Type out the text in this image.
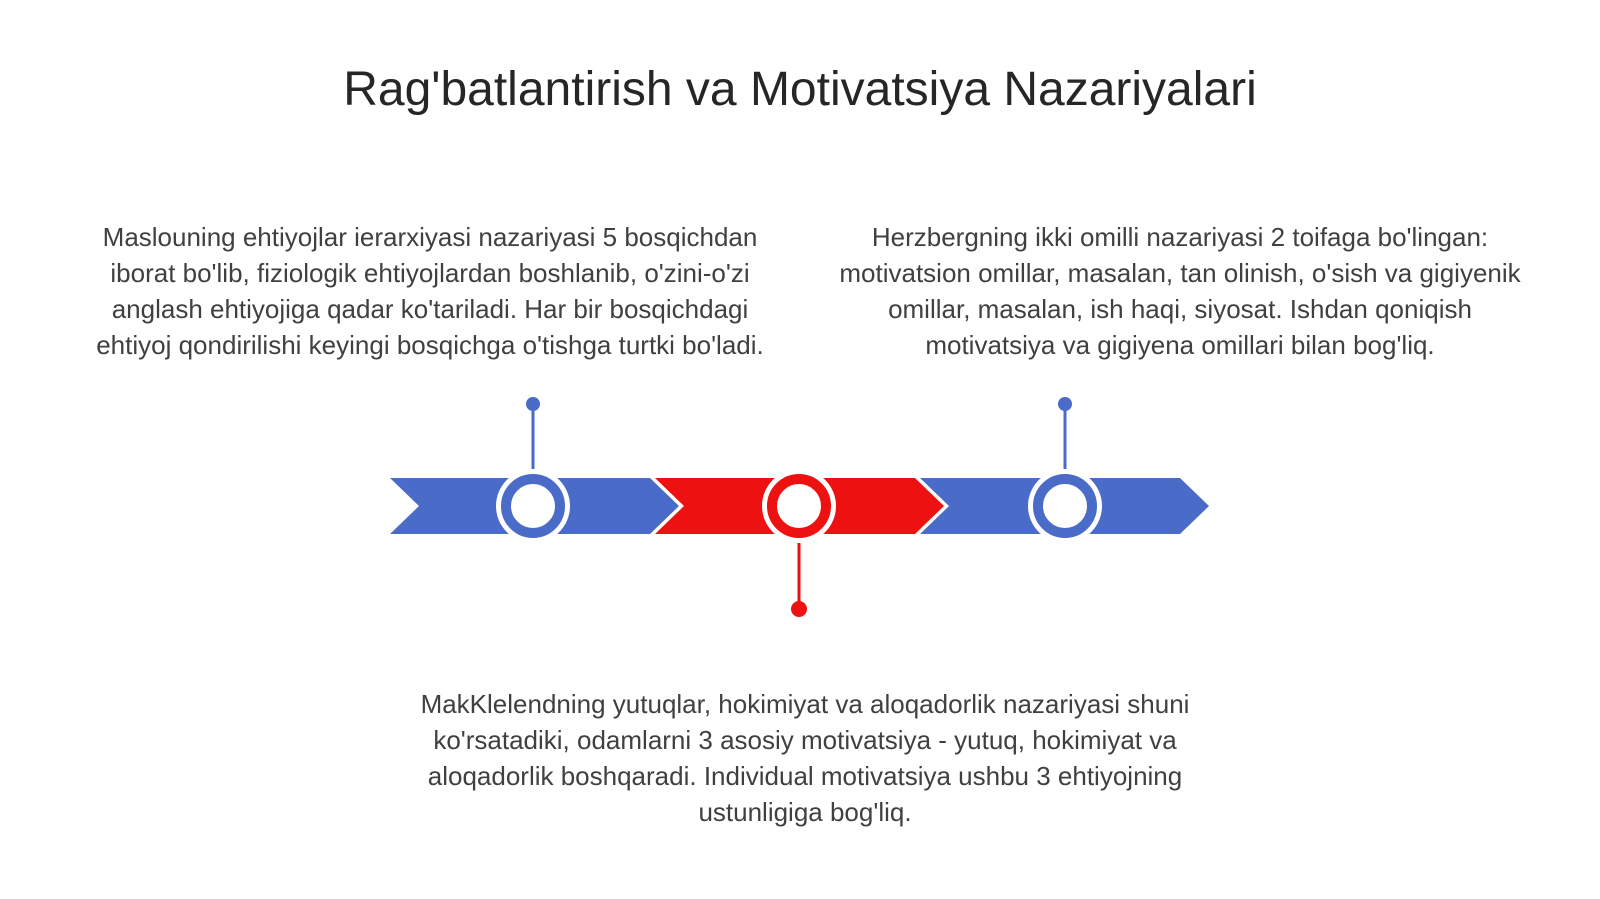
Rag'batlantirish va Motivatsiya Nazariyalari

Maslouning ehtiyojlar ierarxiyasi nazariyasi 5 bosqichdan iborat bo'lib, fiziologik ehtiyojlardan boshlanib, o'zini-o'zi anglash ehtiyojiga qadar ko'tariladi. Har bir bosqichdagi ehtiyoj qondirilishi keyingi bosqichga o'tishga turtki bo'ladi.

Herzbergning ikki omilli nazariyasi 2 toifaga bo'lingan: motivatsion omillar, masalan, tan olinish, o'sish va gigiyenik omillar, masalan, ish haqi, siyosat. Ishdan qoniqish motivatsiya va gigiyena omillari bilan bog'liq.

MakKlelendning yutuqlar, hokimiyat va aloqadorlik nazariyasi shuni ko'rsatadiki, odamlarni 3 asosiy motivatsiya - yutuq, hokimiyat va aloqadorlik boshqaradi. Individual motivatsiya ushbu 3 ehtiyojning ustunligiga bog'liq.
